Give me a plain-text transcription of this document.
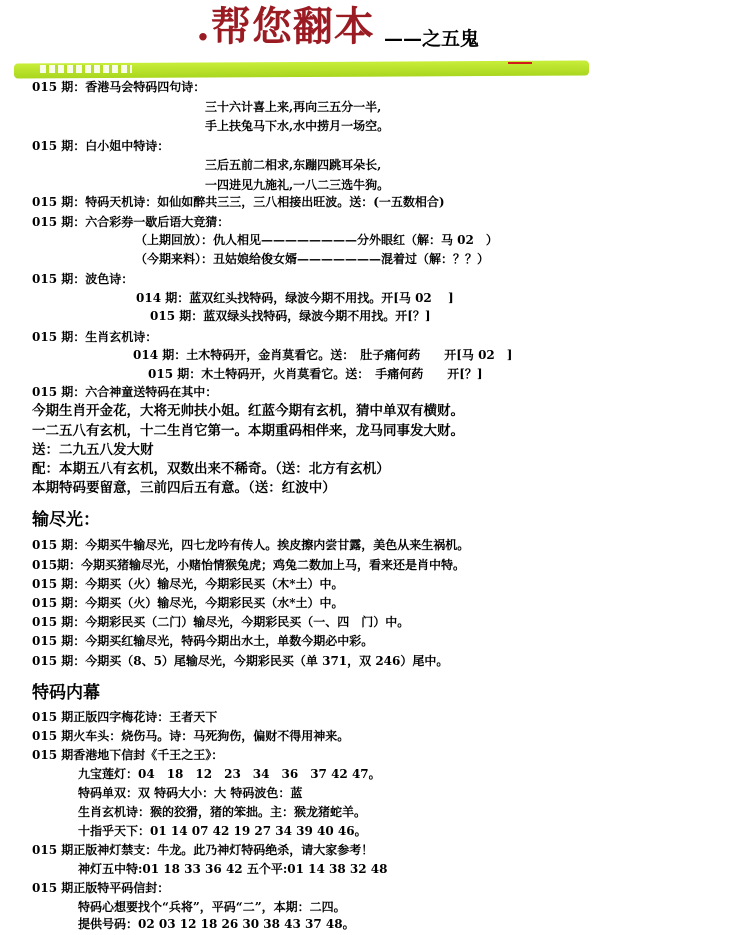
.帮您翻本 ——之五鬼
015 期：香港马会特码四句诗：
三十六计喜上来,再向三五分一半,
手上扶兔马下水,水中捞月一场空。
015 期：白小姐中特诗：
三后五前二相求,东蹦四跳耳朵长,
一四进见九施礼,一八二三选牛狗。
015 期：特码天机诗：如仙如醉共三三，三八相接出旺波。送：(一五数相合)
015 期：六合彩券一歇后语大竞猜：
（上期回放）：仇人相见————————分外眼红（解：马 02　）
（今期来料）：丑姑娘给俊女婿———————混着过（解：？？）
015 期：波色诗：
014 期：蓝双红头找特码，绿波今期不用找。开[马 02　 ]
015 期：蓝双绿头找特码，绿波今期不用找。开[？]
015 期：生肖玄机诗：
014 期：土木特码开，金肖莫看它。送：　肚子痛何药　　开[马 02　]
015 期：木土特码开，火肖莫看它。送：　手痛何药　　开[？]
015 期：六合神童送特码在其中：
今期生肖开金花，大将无帅扶小姐。红蓝今期有玄机，猜中单双有横财。
一二五八有玄机，十二生肖它第一。本期重码相伴来，龙马同事发大财。
送：二九五八发大财
配：本期五八有玄机，双数出来不稀奇。（送：北方有玄机）
本期特码要留意，三前四后五有意。（送：红波中）
输尽光：
015 期：今期买牛输尽光，四七龙吟有传人。挨皮擦内尝甘露，美色从来生祸机。
015期：今期买猪输尽光，小赌怡情猴兔虎；鸡兔二数加上马，看来还是肖中特。
015 期：今期买（火）输尽光，今期彩民买（木*土）中。
015 期：今期买（火）输尽光，今期彩民买（水*土）中。
015 期：今期彩民买（二门）输尽光，今期彩民买（一、四　门）中。
015 期：今期买红输尽光，特码今期出水土，单数今期必中彩。
015 期：今期买（8、5）尾输尽光，今期彩民买（单 371，双 246）尾中。
特码内幕
015 期正版四字梅花诗：王者天下
015 期火车头：烧伤马。诗：马死狗伤，偏财不得用神来。
015 期香港地下信封《千王之王》：
九宝莲灯：04　18　12　23　34　36　37 42 47。
特码单双：双 特码大小：大 特码波色：蓝
生肖玄机诗：猴的狡猾，猪的笨拙。主：猴龙猪蛇羊。
十指乎天下：01 14 07 42 19 27 34 39 40 46。
015 期正版神灯禁支：牛龙。此乃神灯特码绝杀，请大家参考！
神灯五中特:01 18 33 36 42 五个平:01 14 38 32 48
015 期正版特平码信封：
特码心想要找个“兵将”，平码“二”，本期：二四。
提供号码：02 03 12 18 26 30 38 43 37 48。
